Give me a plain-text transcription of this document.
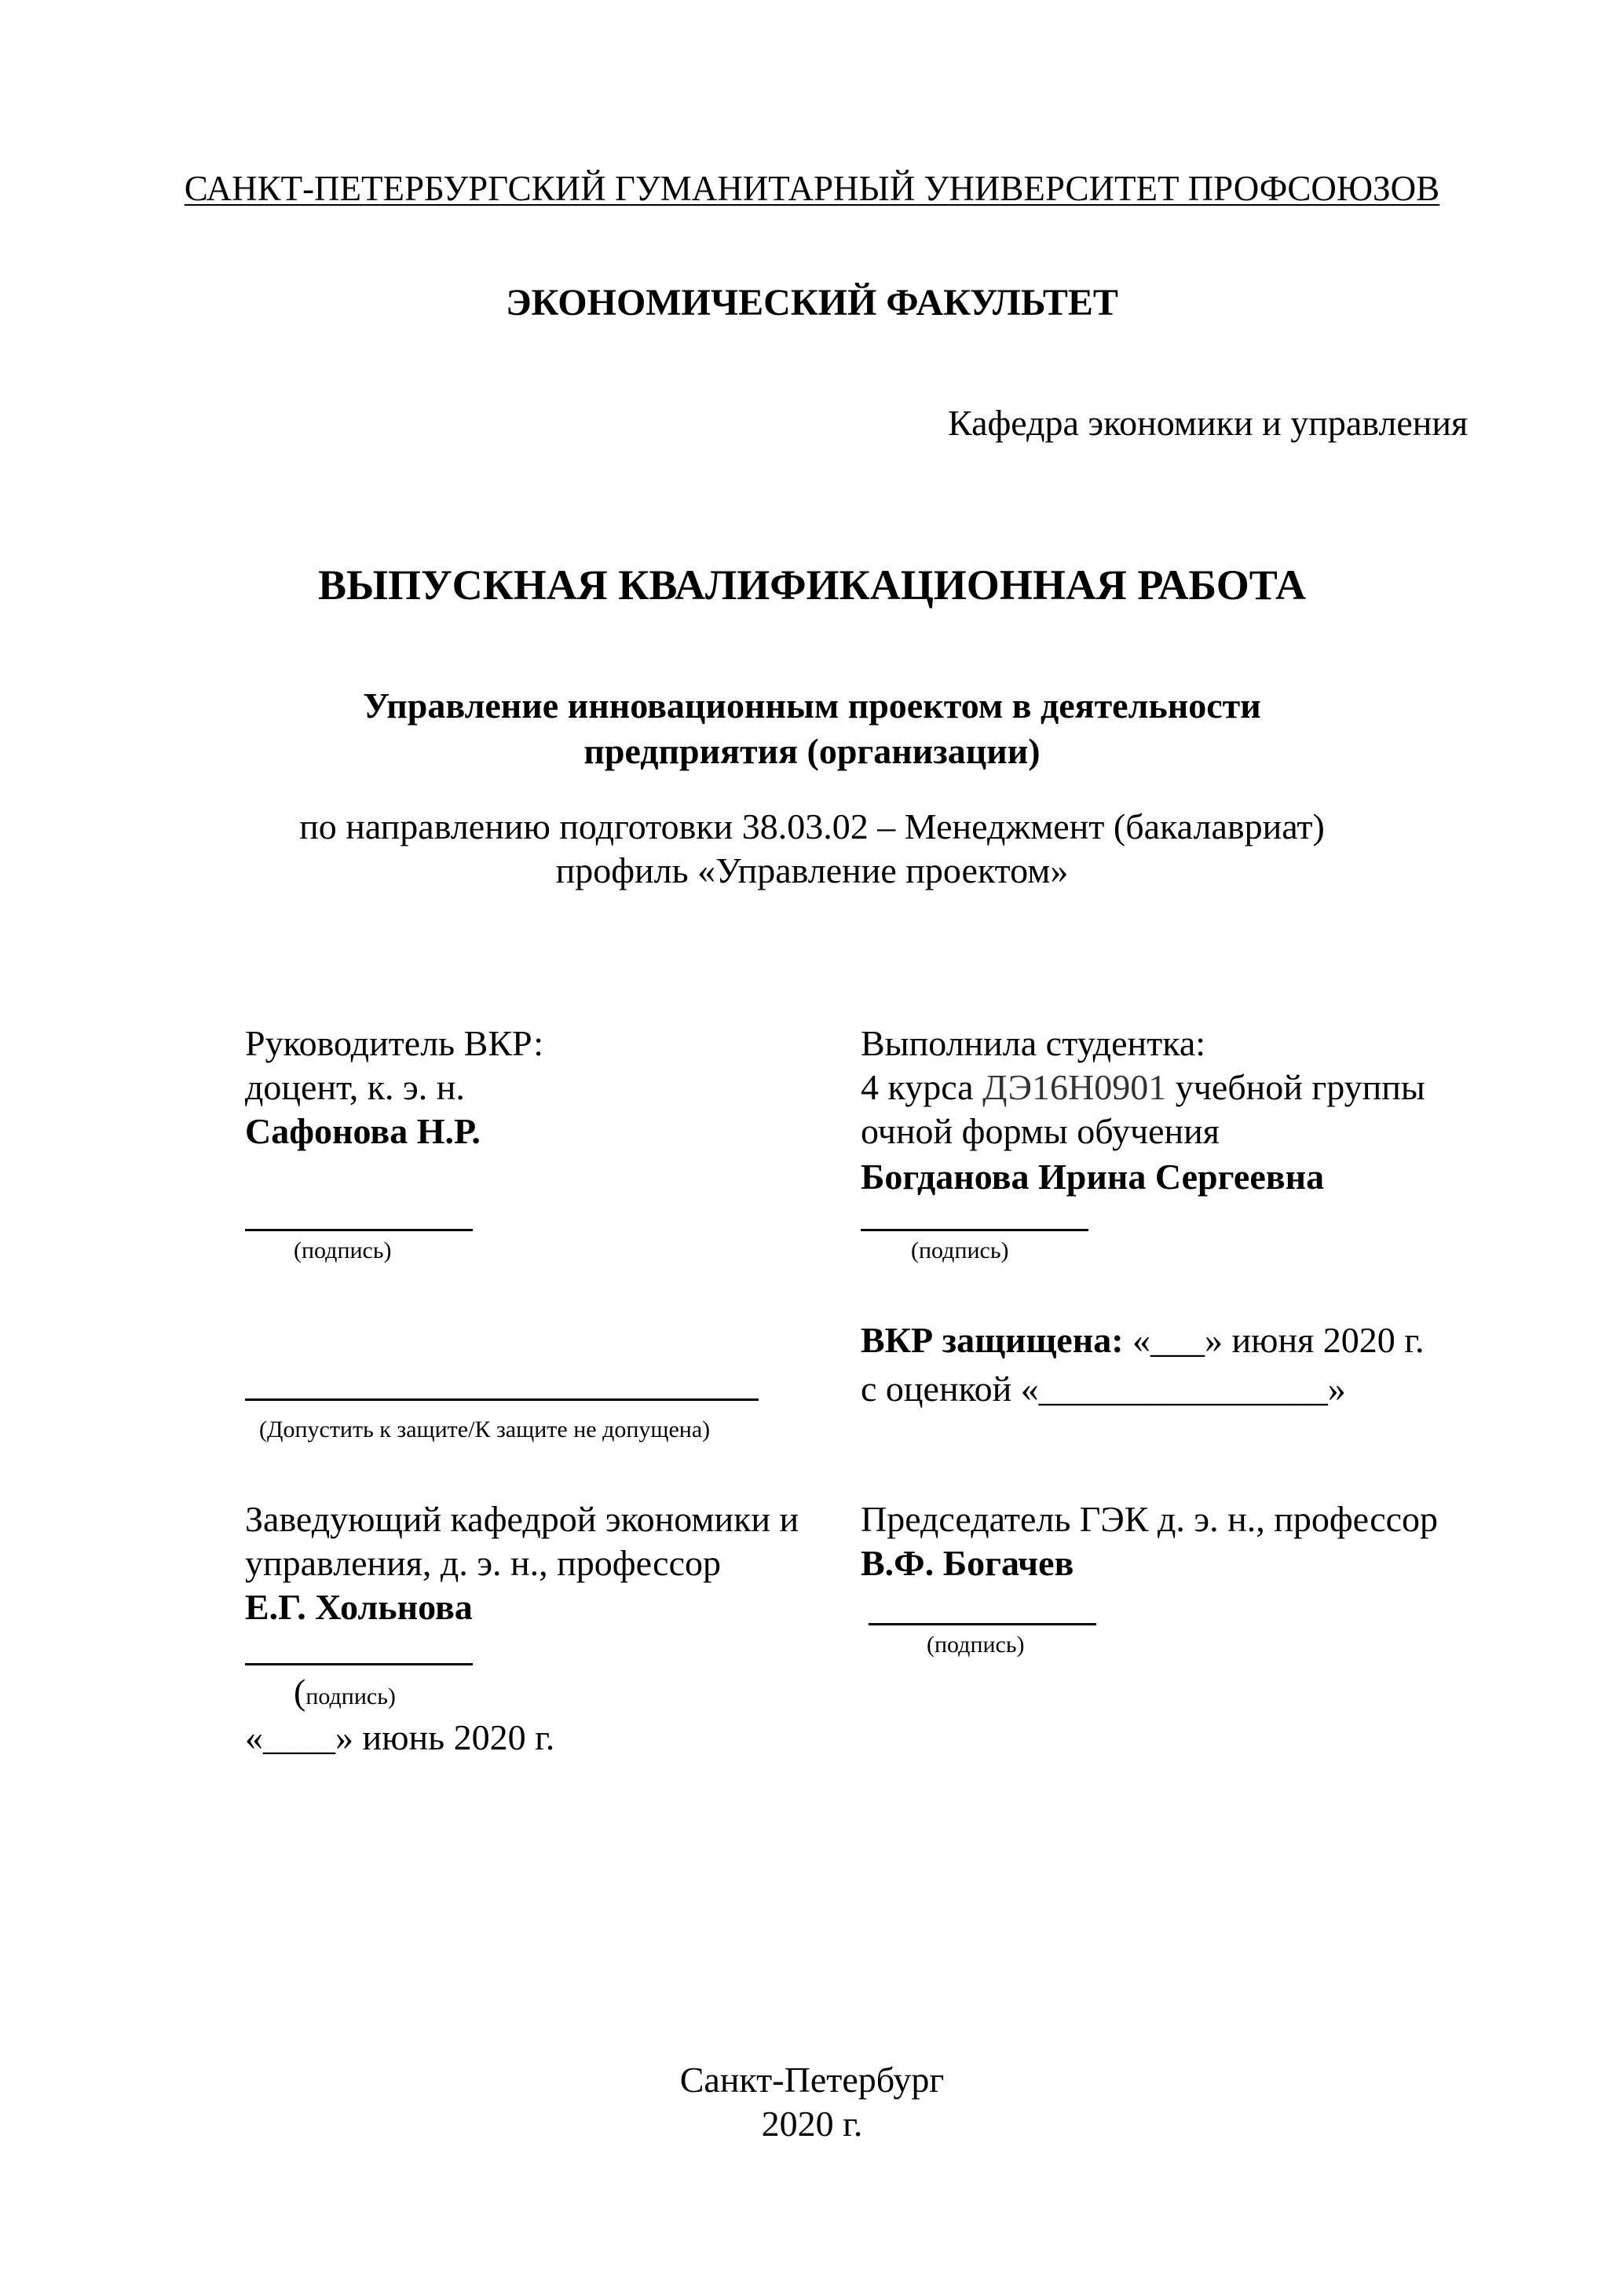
САНКТ-ПЕТЕРБУРГСКИЙ ГУМАНИТАРНЫЙ УНИВЕРСИТЕТ ПРОФСОЮЗОВ
ЭКОНОМИЧЕСКИЙ ФАКУЛЬТЕТ
Кафедра экономики и управления
ВЫПУСКНАЯ КВАЛИФИКАЦИОННАЯ РАБОТА
Управление инновационным проектом в деятельности
предприятия (организации)
по направлению подготовки 38.03.02 – Менеджмент (бакалавриат)
профиль «Управление проектом»
Руководитель ВКР:
доцент, к. э. н.
Сафонова Н.Р.
(подпись)
Выполнила студентка:
4 курса ДЭ16Н0901 учебной группы
очной формы обучения
Богданова Ирина Сергеевна
(подпись)
(Допустить к защите/К защите не допущена)
ВКР защищена: «___» июня 2020 г.
с оценкой «________________»
Заведующий кафедрой экономики и
управления, д. э. н., профессор
Е.Г. Хольнова
(подпись)
«____» июнь 2020 г.
Председатель ГЭК д. э. н., профессор
В.Ф. Богачев
(подпись)
Санкт-Петербург
2020 г.
